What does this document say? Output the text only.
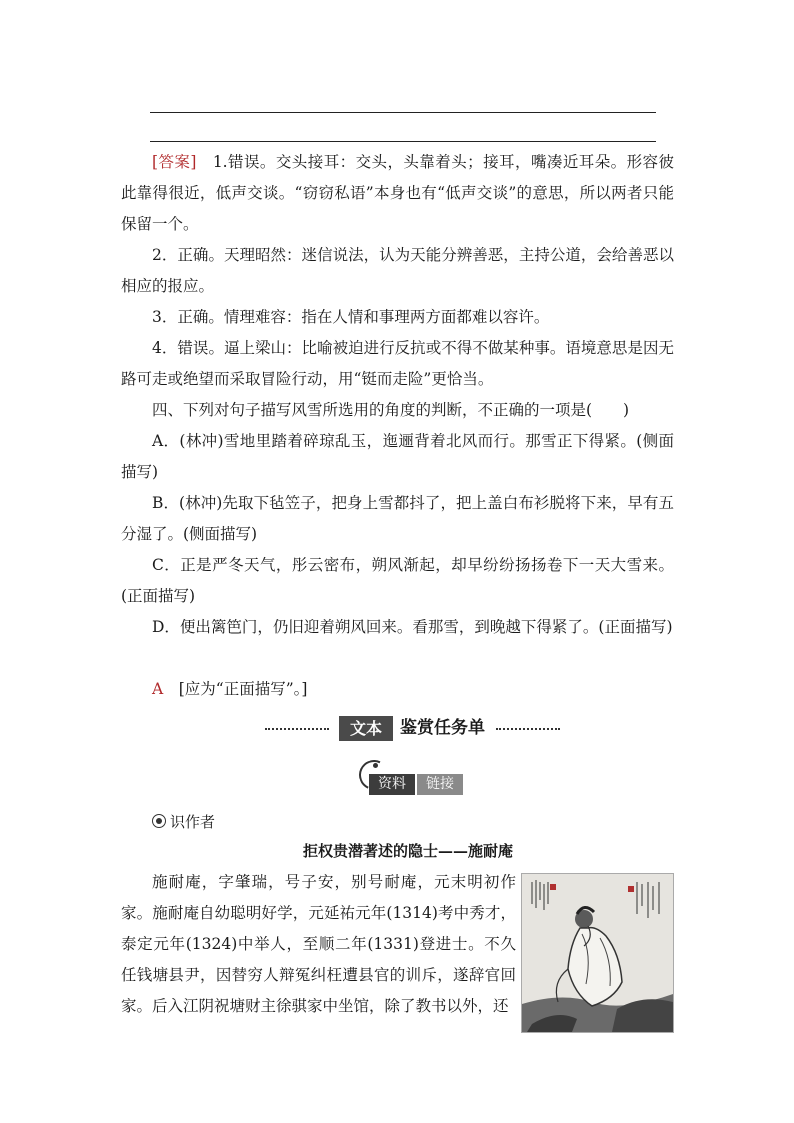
[答案]　 1.错误。交头接耳：交头，头靠着头；接耳，嘴凑近耳朵。形容彼此靠得很近，低声交谈。“窃窃私语”本身也有“低声交谈”的意思，所以两者只能保留一个。

2．正确。天理昭然：迷信说法，认为天能分辨善恶，主持公道，会给善恶以相应的报应。

3．正确。情理难容：指在人情和事理两方面都难以容许。

4．错误。逼上梁山：比喻被迫进行反抗或不得不做某种事。语境意思是因无路可走或绝望而采取冒险行动，用“铤而走险”更恰当。

四、下列对句子描写风雪所选用的角度的判断，不正确的一项是(　　)

A．(林冲)雪地里踏着碎琼乱玉，迤逦背着北风而行。那雪正下得紧。(侧面描写)

B．(林冲)先取下毡笠子，把身上雪都抖了，把上盖白布衫脱将下来，早有五分湿了。(侧面描写)

C．正是严冬天气，彤云密布，朔风渐起，却早纷纷扬扬卷下一天大雪来。(正面描写)

D．便出篱笆门，仍旧迎着朔风回来。看那雪，到晚越下得紧了。(正面描写)

A　 [应为“正面描写”。]

文本	鉴赏任务单
资料	链接
识作者
拒权贵潜著述的隐士——施耐庵

施耐庵，字肇瑞，号子安，别号耐庵，元末明初作家。施耐庵自幼聪明好学，元延祐元年(1314)考中秀才，泰定元年(1324)中举人，至顺二年(1331)登进士。不久任钱塘县尹，因替穷人辩冤纠枉遭县官的训斥，遂辞官回家。 后入江阴祝塘财主徐骐家中坐馆，除了教书以外，还
